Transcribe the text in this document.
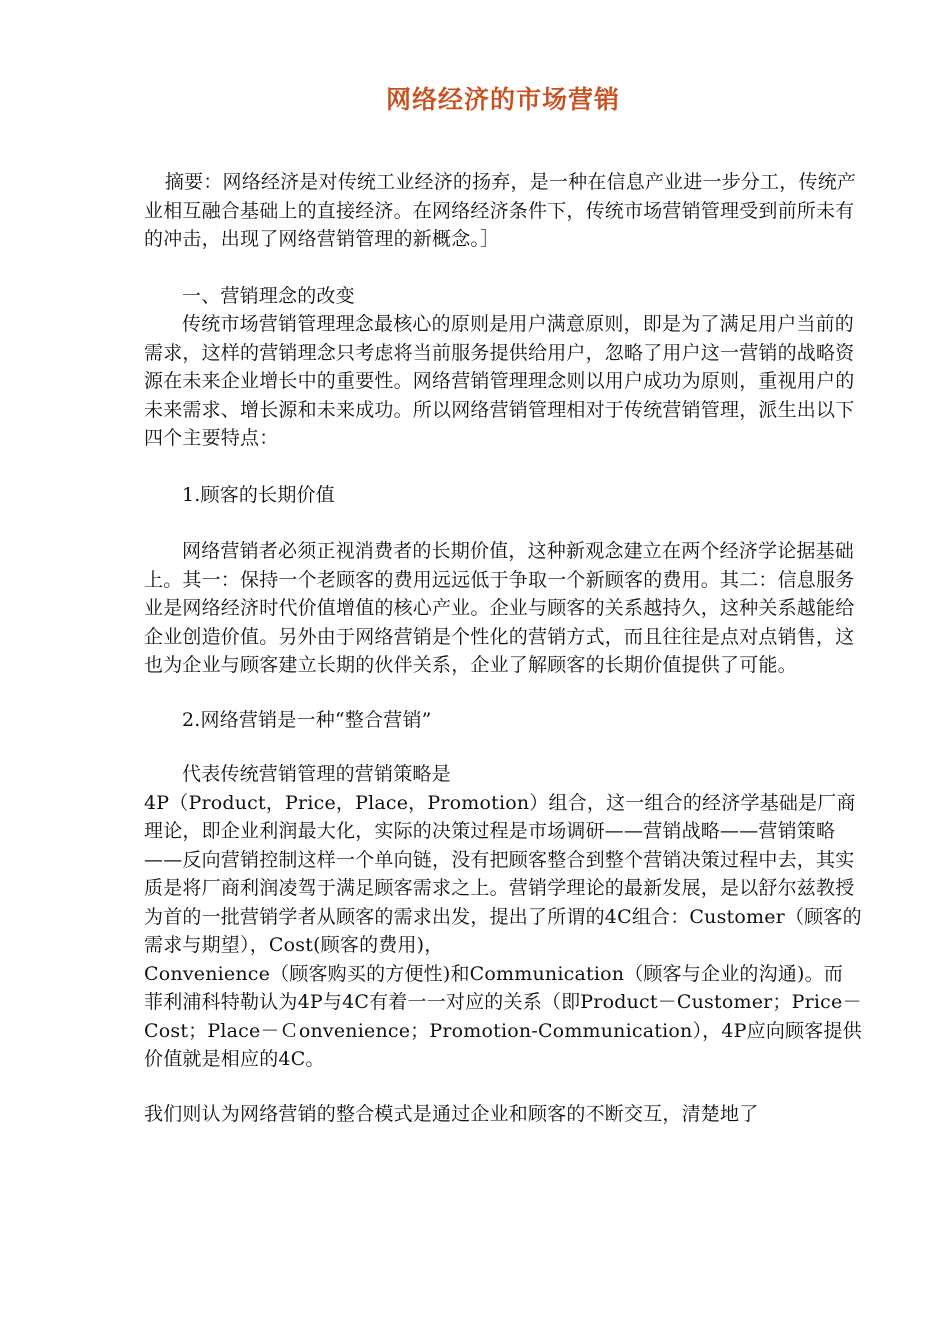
网络经济的市场营销

摘要：网络经济是对传统工业经济的扬弃，是一种在信息产业进一步分工，传统产业相互融合基础上的直接经济。在网络经济条件下，传统市场营销管理受到前所未有的冲击，出现了网络营销管理的新概念。］

一、营销理念的改变

传统市场营销管理理念最核心的原则是用户满意原则，即是为了满足用户当前的需求，这样的营销理念只考虑将当前服务提供给用户，忽略了用户这一营销的战略资源在未来企业增长中的重要性。网络营销管理理念则以用户成功为原则，重视用户的未来需求、增长源和未来成功。所以网络营销管理相对于传统营销管理，派生出以下四个主要特点：

1.顾客的长期价值

网络营销者必须正视消费者的长期价值，这种新观念建立在两个经济学论据基础上。其一：保持一个老顾客的费用远远低于争取一个新顾客的费用。其二：信息服务业是网络经济时代价值增值的核心产业。企业与顾客的关系越持久，这种关系越能给企业创造价值。另外由于网络营销是个性化的营销方式，而且往往是点对点销售，这也为企业与顾客建立长期的伙伴关系，企业了解顾客的长期价值提供了可能。

2.网络营销是一种“整合营销”

代表传统营销管理的营销策略是

4P（Product，Price，Place，Promotion）组合，这一组合的经济学基础是厂商理论，即企业利润最大化，实际的决策过程是市场调研——营销战略——营销策略——反向营销控制这样一个单向链，没有把顾客整合到整个营销决策过程中去，其实质是将厂商利润凌驾于满足顾客需求之上。营销学理论的最新发展，是以舒尔兹教授为首的一批营销学者从顾客的需求出发，提出了所谓的4C组合：Customer（顾客的需求与期望），Cost(顾客的费用)，

Convenience（顾客购买的方便性)和Communication（顾客与企业的沟通)。而菲利浦科特勒认为4P与4C有着一一对应的关系（即Product－Customer；Price－Cost；Place－Ｃonvenience；Promotion-Communication），4P应向顾客提供价值就是相应的4C。

我们则认为网络营销的整合模式是通过企业和顾客的不断交互，清楚地了
